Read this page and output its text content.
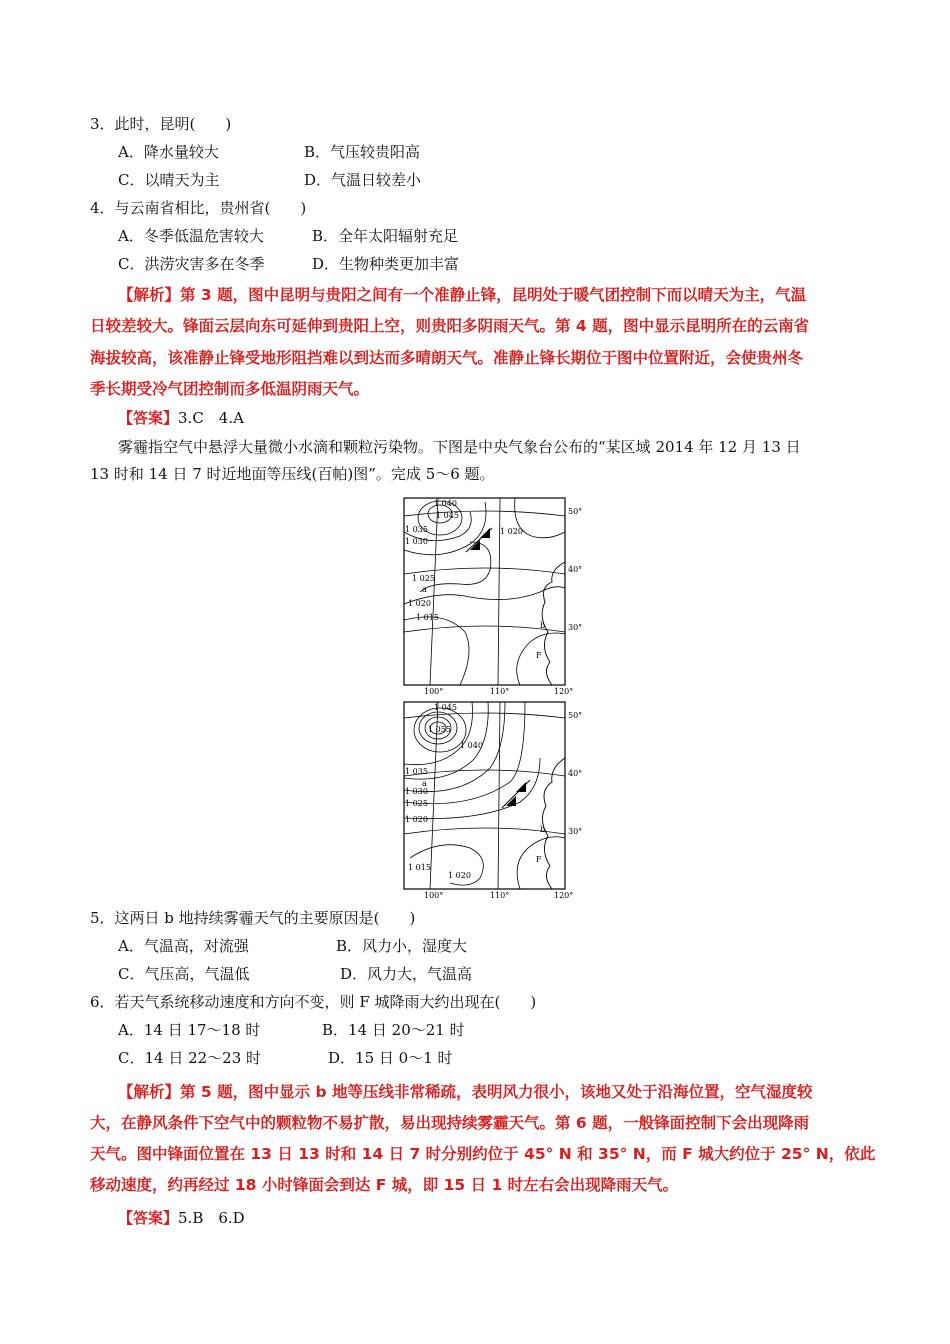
3．此时，昆明(　　)
A．降水量较大	B．气压较贵阳高
C．以晴天为主	D．气温日较差小
4．与云南省相比，贵州省(　　)
A．冬季低温危害较大	B．全年太阳辐射充足
C．洪涝灾害多在冬季	D．生物种类更加丰富
【解析】第 3 题，图中昆明与贵阳之间有一个准静止锋，昆明处于暖气团控制下而以晴天为主，气温
日较差较大。锋面云层向东可延伸到贵阳上空，则贵阳多阴雨天气。第 4 题，图中显示昆明所在的云南省
海拔较高，该准静止锋受地形阻挡难以到达而多晴朗天气。准静止锋长期位于图中位置附近，会使贵州冬
季长期受冷气团控制而多低温阴雨天气。
【答案】3.C　4.A
雾霾指空气中悬浮大量微小水滴和颗粒污染物。下图是中央气象台公布的“某区域 2014 年 12 月 13 日
13 时和 14 日 7 时近地面等压线(百帕)图”。完成 5～6 题。
1 040
1 045
1 035
1 030
1 020
1 025
1 020
1 015
a
b
F
50°
40°
30°
100°	110°	120°
1 045
1 055
1 040
1 035
1 030
1 025
1 020
1 015
1 020
a
b
F
50°
40°
30°
100°	110°	120°
5．这两日 b 地持续雾霾天气的主要原因是(　　)
A．气温高，对流强	B．风力小，湿度大
C．气压高，气温低	D．风力大，气温高
6．若天气系统移动速度和方向不变，则 F 城降雨大约出现在(　　)
A．14 日 17～18 时	B．14 日 20～21 时
C．14 日 22～23 时	D．15 日 0～1 时
【解析】第 5 题，图中显示 b 地等压线非常稀疏，表明风力很小，该地又处于沿海位置，空气湿度较
大，在静风条件下空气中的颗粒物不易扩散，易出现持续雾霾天气。第 6 题，一般锋面控制下会出现降雨
天气。图中锋面位置在 13 日 13 时和 14 日 7 时分别约位于 45° N 和 35° N，而 F 城大约位于 25° N，依此
移动速度，约再经过 18 小时锋面会到达 F 城，即 15 日 1 时左右会出现降雨天气。
【答案】5.B　6.D
